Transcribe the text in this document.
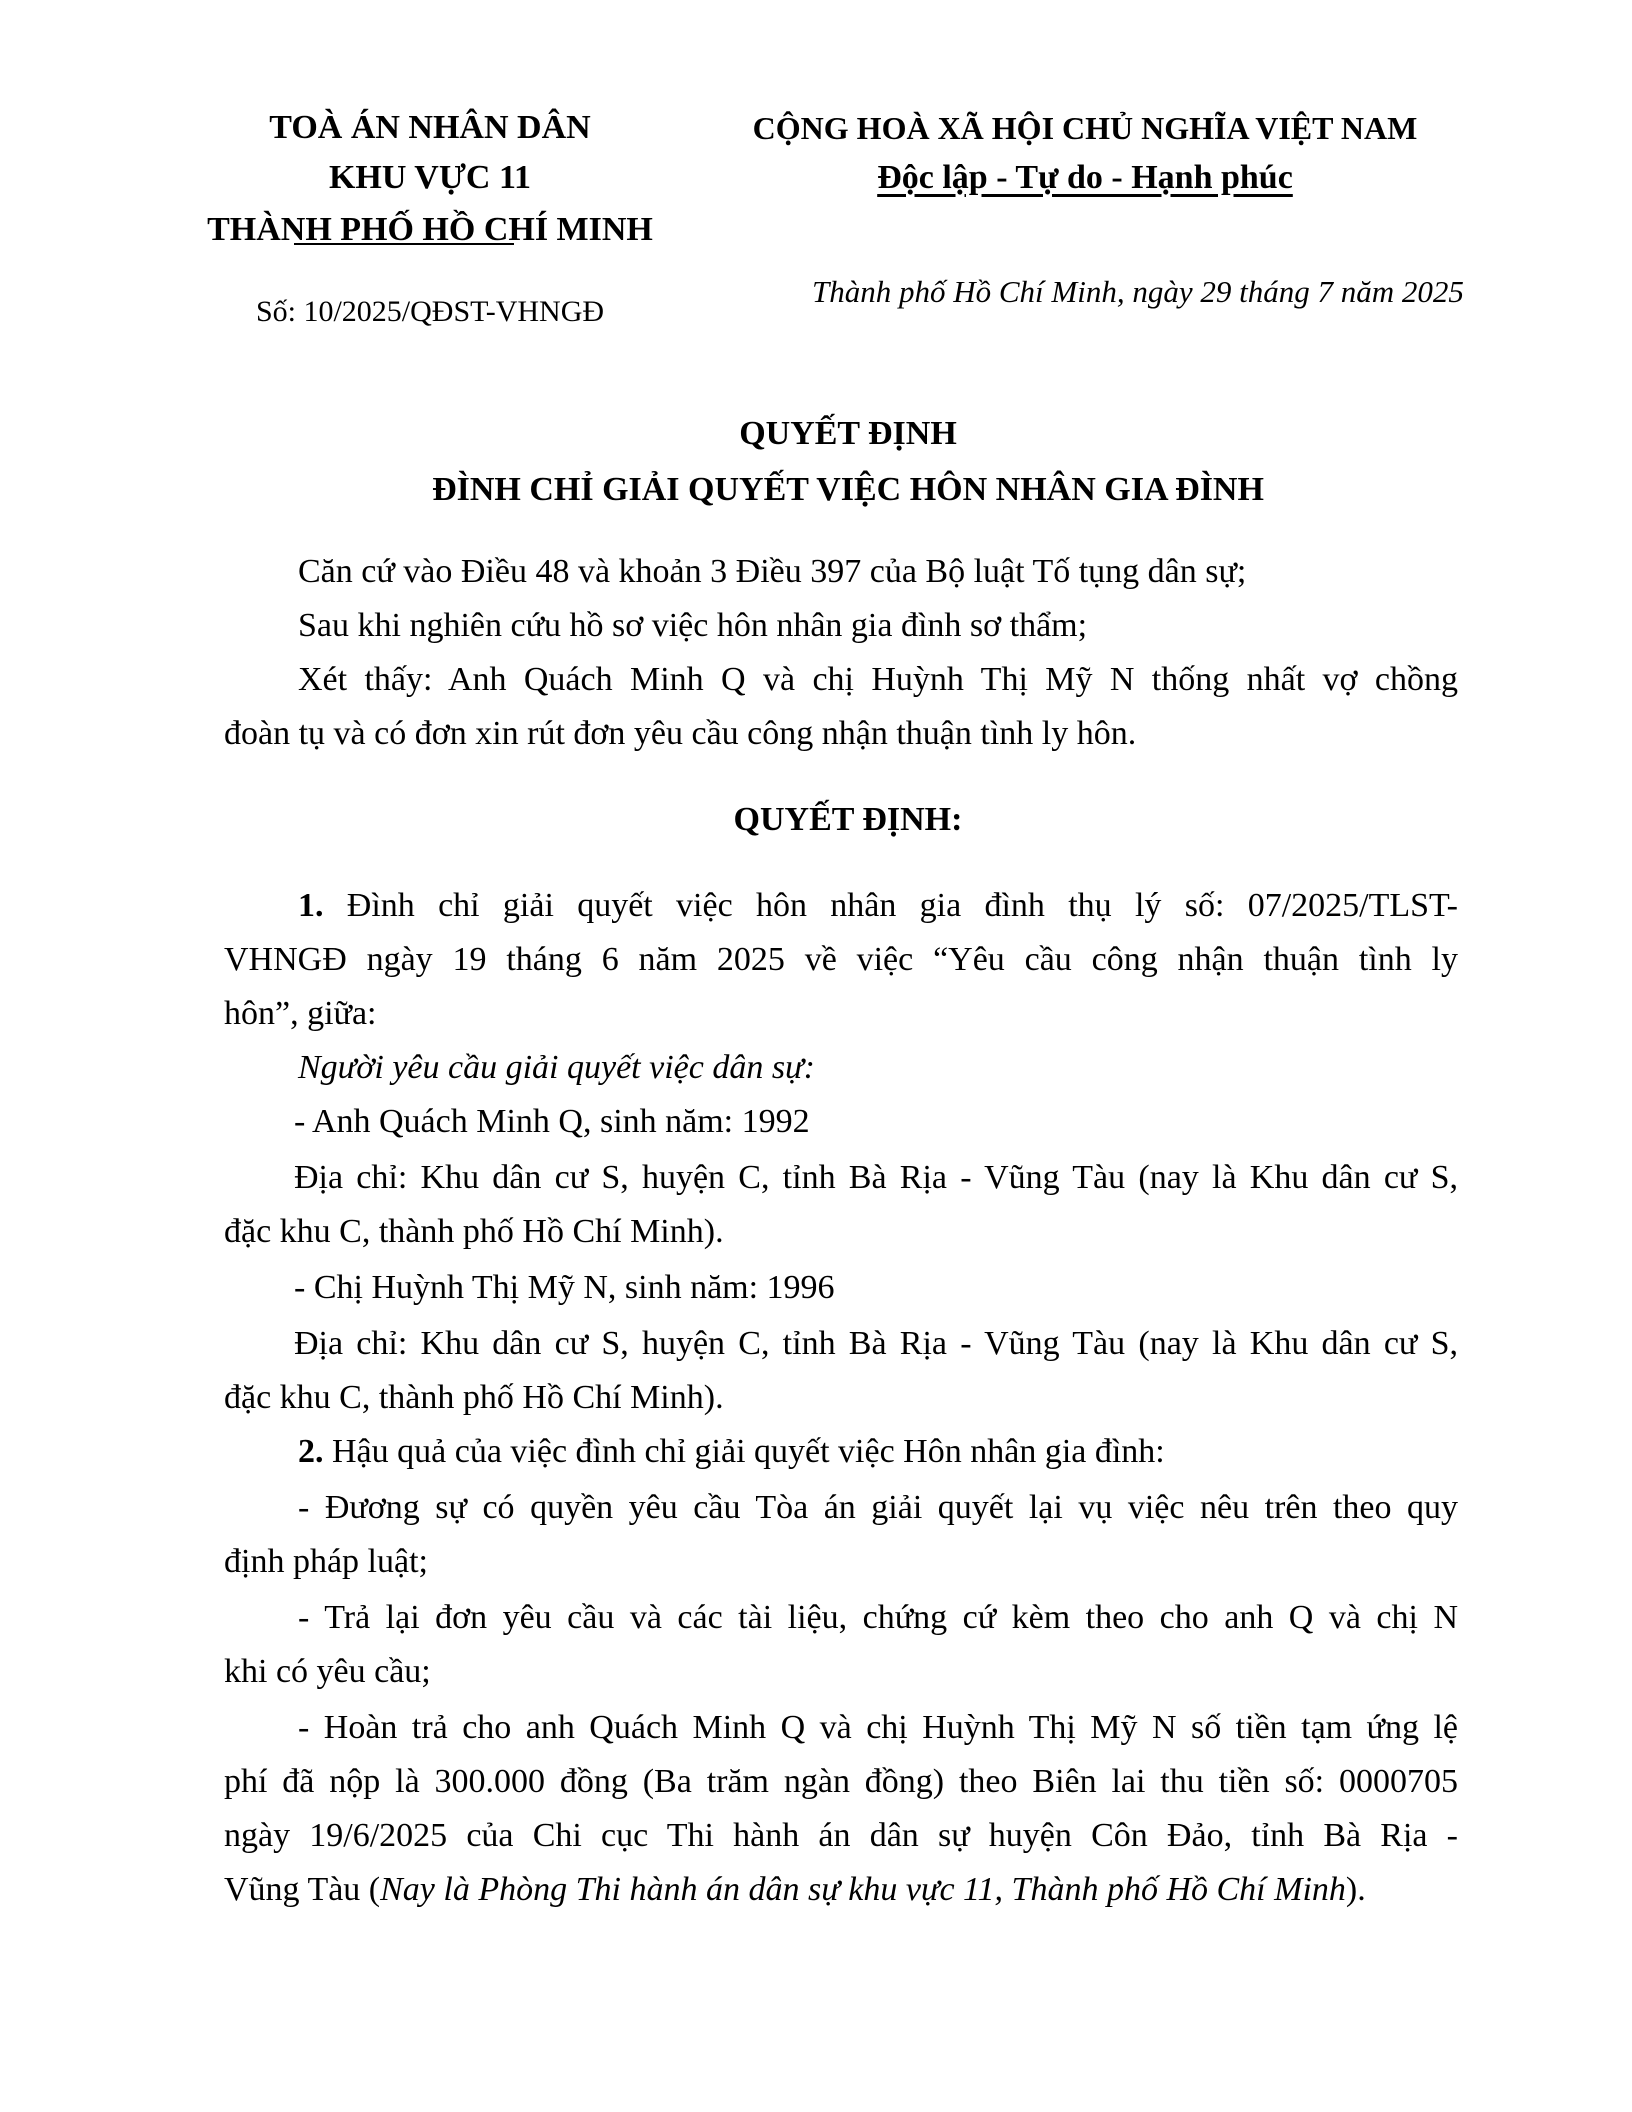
TOÀ ÁN NHÂN DÂN
KHU VỰC 11
THÀNH PHỐ HỒ CHÍ MINH
Số: 10/2025/QĐST-VHNGĐ
CỘNG HOÀ XÃ HỘI CHỦ NGHĨA VIỆT NAM
Độc lập - Tự do - Hạnh phúc
Thành phố Hồ Chí Minh, ngày 29 tháng 7 năm 2025
QUYẾT ĐỊNH
ĐÌNH CHỈ GIẢI QUYẾT VIỆC HÔN NHÂN GIA ĐÌNH
Căn cứ vào Điều 48 và khoản 3 Điều 397 của Bộ luật Tố tụng dân sự;
Sau khi nghiên cứu hồ sơ việc hôn nhân gia đình sơ thẩm;
Xét thấy: Anh Quách Minh Q và chị Huỳnh Thị Mỹ N thống nhất vợ chồng
đoàn tụ và có đơn xin rút đơn yêu cầu công nhận thuận tình ly hôn.
QUYẾT ĐỊNH:
1. Đình chỉ giải quyết việc hôn nhân gia đình thụ lý số: 07/2025/TLST-
VHNGĐ ngày 19 tháng 6 năm 2025 về việc “Yêu cầu công nhận thuận tình ly
hôn”, giữa:
Người yêu cầu giải quyết việc dân sự:
- Anh Quách Minh Q, sinh năm: 1992
Địa chỉ: Khu dân cư S, huyện C, tỉnh Bà Rịa - Vũng Tàu (nay là Khu dân cư S,
đặc khu C, thành phố Hồ Chí Minh).
- Chị Huỳnh Thị Mỹ N, sinh năm: 1996
Địa chỉ: Khu dân cư S, huyện C, tỉnh Bà Rịa - Vũng Tàu (nay là Khu dân cư S,
đặc khu C, thành phố Hồ Chí Minh).
2. Hậu quả của việc đình chỉ giải quyết việc Hôn nhân gia đình:
- Đương sự có quyền yêu cầu Tòa án giải quyết lại vụ việc nêu trên theo quy
định pháp luật;
- Trả lại đơn yêu cầu và các tài liệu, chứng cứ kèm theo cho anh Q và chị N
khi có yêu cầu;
- Hoàn trả cho anh Quách Minh Q và chị Huỳnh Thị Mỹ N số tiền tạm ứng lệ
phí đã nộp là 300.000 đồng (Ba trăm ngàn đồng) theo Biên lai thu tiền số: 0000705
ngày 19/6/2025 của Chi cục Thi hành án dân sự huyện Côn Đảo, tỉnh Bà Rịa -
Vũng Tàu (Nay là Phòng Thi hành án dân sự khu vực 11, Thành phố Hồ Chí Minh).
